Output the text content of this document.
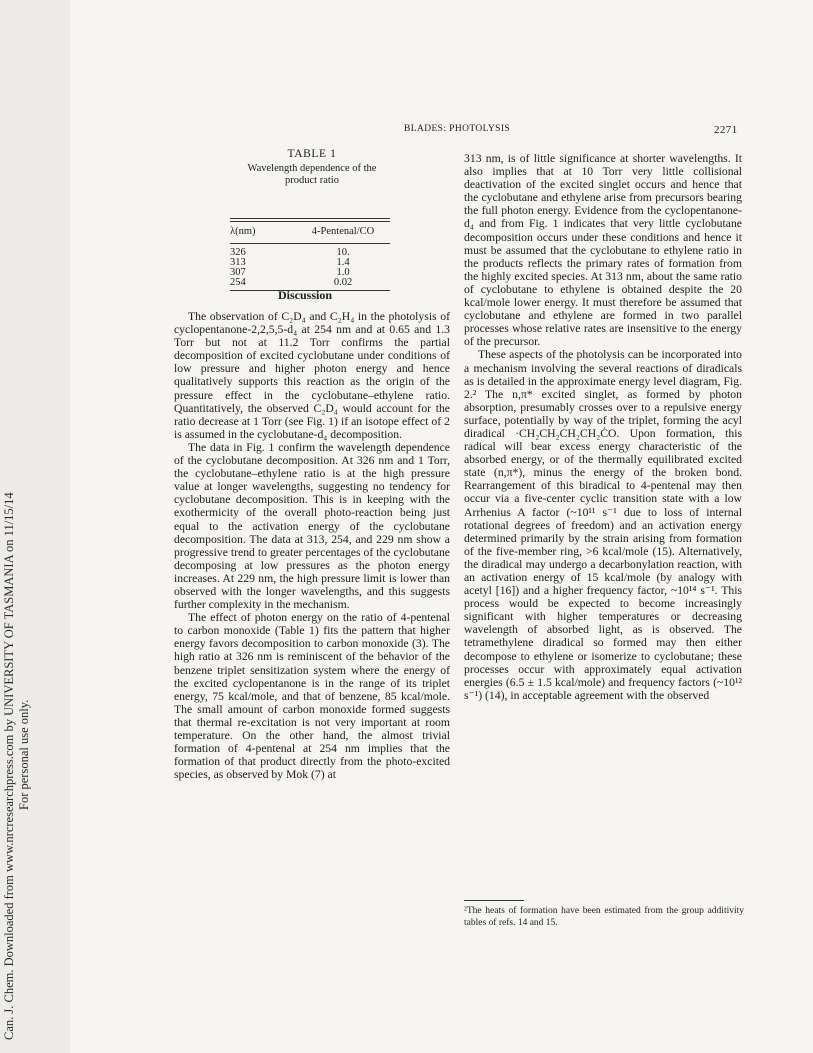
Can. J. Chem. Downloaded from www.nrcresearchpress.com by UNIVERSITY OF TASMANIA on 11/15/14 For personal use only.
BLADES: PHOTOLYSIS	2271
TABLE 1
Wavelength dependence of the product ratio
λ(nm)	4-Pentenal/CO
326	10.
313	1.4
307	1.0
254	0.02
Discussion

The observation of C₂D₄ and C₂H₄ in the photolysis of cyclopentanone-2,2,5,5-d₄ at 254 nm and at 0.65 and 1.3 Torr but not at 11.2 Torr confirms the partial decomposition of excited cyclobutane under conditions of low pressure and higher photon energy and hence qualitatively supports this reaction as the origin of the pressure effect in the cyclobutane–ethylene ratio. Quantitatively, the observed C₂D₄ would account for the ratio decrease at 1 Torr (see Fig. 1) if an isotope effect of 2 is assumed in the cyclobutane-d₄ decomposition.

The data in Fig. 1 confirm the wavelength dependence of the cyclobutane decomposition. At 326 nm and 1 Torr, the cyclobutane–ethylene ratio is at the high pressure value at longer wavelengths, suggesting no tendency for cyclobutane decomposition. This is in keeping with the exothermicity of the overall photo-reaction being just equal to the activation energy of the cyclobutane decomposition. The data at 313, 254, and 229 nm show a progressive trend to greater percentages of the cyclobutane decomposing at low pressures as the photon energy increases. At 229 nm, the high pressure limit is lower than observed with the longer wavelengths, and this suggests further complexity in the mechanism.

The effect of photon energy on the ratio of 4-pentenal to carbon monoxide (Table 1) fits the pattern that higher energy favors decomposition to carbon monoxide (3). The high ratio at 326 nm is reminiscent of the behavior of the benzene triplet sensitization system where the energy of the excited cyclopentanone is in the range of its triplet energy, 75 kcal/mole, and that of benzene, 85 kcal/mole. The small amount of carbon monoxide formed suggests that thermal re-excitation is not very important at room temperature. On the other hand, the almost trivial formation of 4-pentenal at 254 nm implies that the formation of that product directly from the photo-excited species, as observed by Mok (7) at

313 nm, is of little significance at shorter wavelengths. It also implies that at 10 Torr very little collisional deactivation of the excited singlet occurs and hence that the cyclobutane and ethylene arise from precursors bearing the full photon energy. Evidence from the cyclopentanone-d₄ and from Fig. 1 indicates that very little cyclobutane decomposition occurs under these conditions and hence it must be assumed that the cyclobutane to ethylene ratio in the products reflects the primary rates of formation from the highly excited species. At 313 nm, about the same ratio of cyclobutane to ethylene is obtained despite the 20 kcal/mole lower energy. It must therefore be assumed that cyclobutane and ethylene are formed in two parallel processes whose relative rates are insensitive to the energy of the precursor.

These aspects of the photolysis can be incorporated into a mechanism involving the several reactions of diradicals as is detailed in the approximate energy level diagram, Fig. 2.² The n,π* excited singlet, as formed by photon absorption, presumably crosses over to a repulsive energy surface, potentially by way of the triplet, forming the acyl diradical ·CH₂CH₂CH₂CH₂ĊO. Upon formation, this radical will bear excess energy characteristic of the absorbed energy, or of the thermally equilibrated excited state (n,π*), minus the energy of the broken bond. Rearrangement of this biradical to 4-pentenal may then occur via a five-center cyclic transition state with a low Arrhenius A factor (~10¹¹ s⁻¹ due to loss of internal rotational degrees of freedom) and an activation energy determined primarily by the strain arising from formation of the five-member ring, >6 kcal/mole (15). Alternatively, the diradical may undergo a decarbonylation reaction, with an activation energy of 15 kcal/mole (by analogy with acetyl [16]) and a higher frequency factor, ~10¹⁴ s⁻¹. This process would be expected to become increasingly significant with higher temperatures or decreasing wavelength of absorbed light, as is observed. The tetramethylene diradical so formed may then either decompose to ethylene or isomerize to cyclobutane; these processes occur with approximately equal activation energies (6.5 ± 1.5 kcal/mole) and frequency factors (~10¹² s⁻¹) (14), in acceptable agreement with the observed

²The heats of formation have been estimated from the group additivity tables of refs. 14 and 15.
